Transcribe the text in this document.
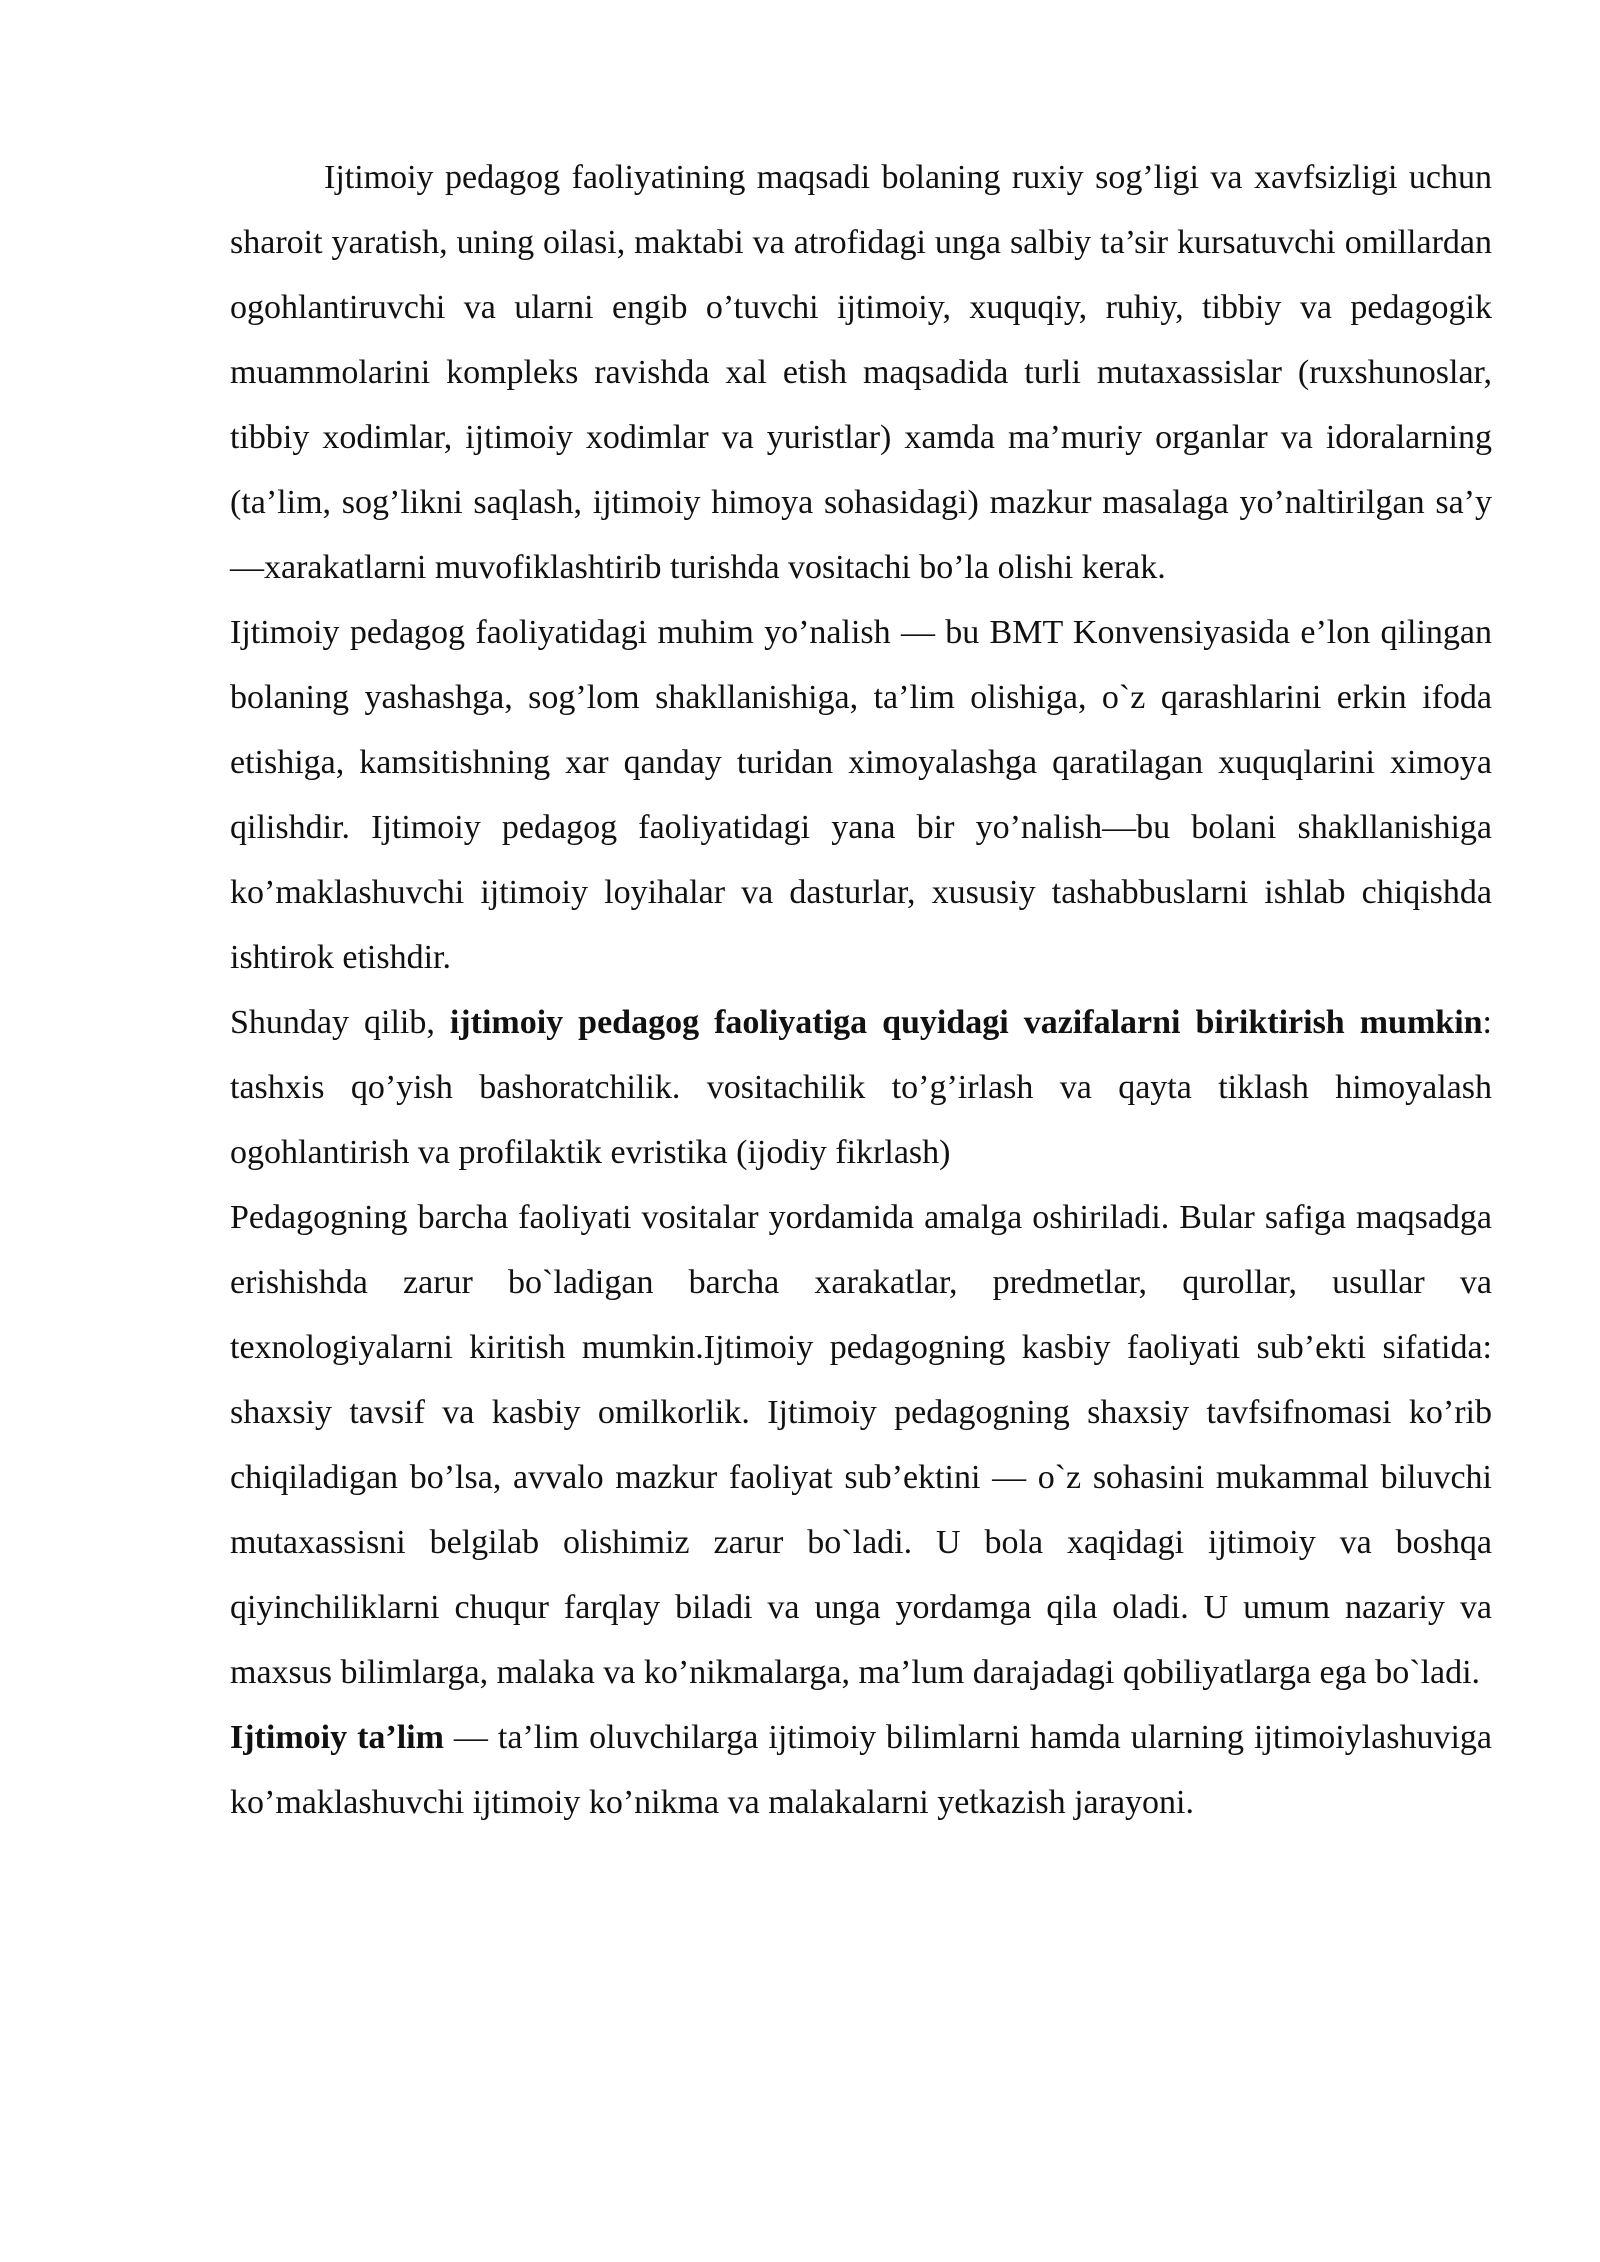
Ijtimoiy pedagog faoliyatining maqsadi bolaning ruxiy sog’ligi va xavfsizligi uchun sharoit yaratish, uning oilasi, maktabi va atrofidagi unga salbiy ta’sir kursatuvchi omillardan ogohlantiruvchi va ularni engib o’tuvchi ijtimoiy, xuquqiy, ruhiy, tibbiy va pedagogik muammolarini kompleks ravishda xal etish maqsadida turli mutaxassislar (ruxshunoslar, tibbiy xodimlar, ijtimoiy xodimlar va yuristlar) xamda ma’muriy organlar va idoralarning (ta’lim, sog’likni saqlash, ijtimoiy himoya sohasidagi) mazkur masalaga yo’naltirilgan sa’y—xarakatlarni muvofiklashtirib turishda vositachi bo’la olishi kerak.

Ijtimoiy pedagog faoliyatidagi muhim yo’nalish — bu BMT Konvensiyasida e’lon qilingan bolaning yashashga, sog’lom shakllanishiga, ta’lim olishiga, o`z qarashlarini erkin ifoda etishiga, kamsitishning xar qanday turidan ximoyalashga qaratilagan xuquqlarini ximoya qilishdir. Ijtimoiy pedagog faoliyatidagi yana bir yo’nalish—bu bolani shakllanishiga ko’maklashuvchi ijtimoiy loyihalar va dasturlar, xususiy tashabbuslarni ishlab chiqishda ishtirok etishdir.

Shunday qilib, ijtimoiy pedagog faoliyatiga quyidagi vazifalarni biriktirish mumkin: tashxis qo’yish bashoratchilik. vositachilik to’g’irlash va qayta tiklash himoyalash ogohlantirish va profilaktik evristika (ijodiy fikrlash)

Pedagogning barcha faoliyati vositalar yordamida amalga oshiriladi. Bular safiga maqsadga erishishda zarur bo`ladigan barcha xarakatlar, predmetlar, qurollar, usullar va texnologiyalarni kiritish mumkin.Ijtimoiy pedagogning kasbiy faoliyati sub’ekti sifatida: shaxsiy tavsif va kasbiy omilkorlik. Ijtimoiy pedagogning shaxsiy tavfsifnomasi ko’rib chiqiladigan bo’lsa, avvalo mazkur faoliyat sub’ektini — o`z sohasini mukammal biluvchi mutaxassisni belgilab olishimiz zarur bo`ladi. U bola xaqidagi ijtimoiy va boshqa qiyinchiliklarni chuqur farqlay biladi va unga yordamga qila oladi. U umum nazariy va maxsus bilimlarga, malaka va ko’nikmalarga, ma’lum darajadagi qobiliyatlarga ega bo`ladi.

Ijtimoiy ta’lim — ta’lim oluvchilarga ijtimoiy bilimlarni hamda ularning ijtimoiylashuviga ko’maklashuvchi ijtimoiy ko’nikma va malakalarni yetkazish jarayoni.
